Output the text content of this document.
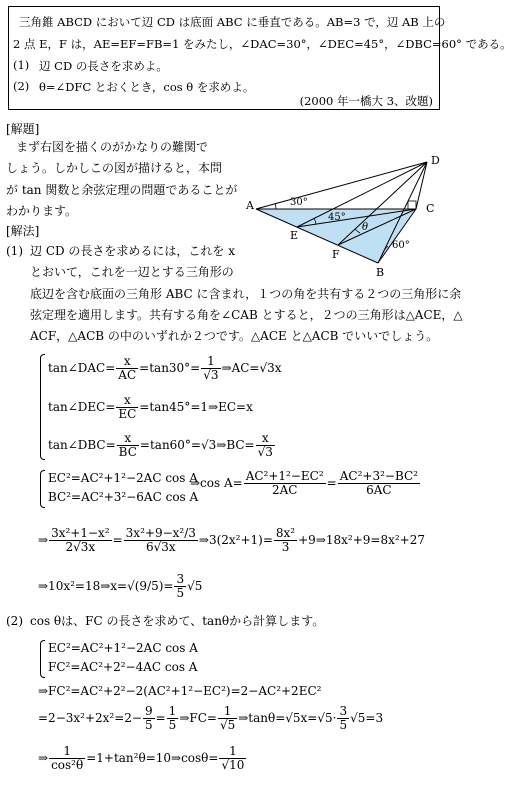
三角錐 ABCD において辺 CD は底面 ABC に垂直である。AB=3 で，辺 AB 上の
2 点 E，F は，AE=EF=FB=1 をみたし，∠DAC=30°，∠DEC=45°，∠DBC=60° である。
(1) 辺 CD の長さを求めよ。
(2) θ=∠DFC とおくとき，cos θ を求めよ。
(2000 年一橋大 3、改題)
[解題]
まず右図を描くのがかなりの難関で
しょう。しかしこの図が描けると，本問
が tan 関数と余弦定理の問題であることが
わかります。	A
B
C
D
E
F
30°
45°
θ
60°
[解法]
(1) 辺 CD の長さを求めるには，これを x
とおいて，これを一辺とする三角形の
底辺を含む底面の三角形 ABC に含まれ，１つの角を共有する２つの三角形に余
弦定理を適用します。共有する角を∠CAB とすると，２つの三角形は△ACE，△
ACF，△ACB の中のいずれか２つです。△ACE と△ACB でいいでしょう。
tan∠DAC= $\frac{x}{AC} =\tan 30^\circ= \frac{1}{√3}$ ⇒AC=√3x
tan∠DEC= $\frac{x}{EC}$ =tan45°=1⇒EC=x
tan∠DBC= $\frac{x}{BC}$ =tan60°=√3⇒BC= $\frac{x}{√3}$
EC²=AC²+1²−2AC cos A
BC²=AC²+3²−6AC cos A
⇒cos $A= \frac{\text{AC²+1²−EC²}}{2AC} = \frac{\text{AC²+3²−BC²}}{6AC}$
⇒ $\frac{\text{3x²+1−x²}}{2√3x} = \frac{\text{3x²+9−x²/3}}{6√3x}$ ⇒3(2x²+1)= $\frac{\text{8x²}}{3}$ +9⇒18x²+9=8x²+27
⇒10x²=18⇒x=√(9/5)= $\frac{3}{5} √5$
(2) cos θは、FC の長さを求めて、tanθから計算します。
EC²=AC²+1²−2AC cos A
FC²=AC²+2²−4AC cos A
⇒FC²=AC²+2²−2(AC²+1²−EC²)=2−AC²+2EC²
$=2-3x^2+2x^2=2- \frac{9}{5} = \frac{1}{5}$ ⇒FC= $\frac{1}{√5}$ ⇒tanθ=√5x=√5· $\frac{3}{5} √5=3$
⇒ $\frac{1}{\text{cos²θ}}$ =1+tan²θ=10⇒cosθ= $\frac{1}{√10}$
